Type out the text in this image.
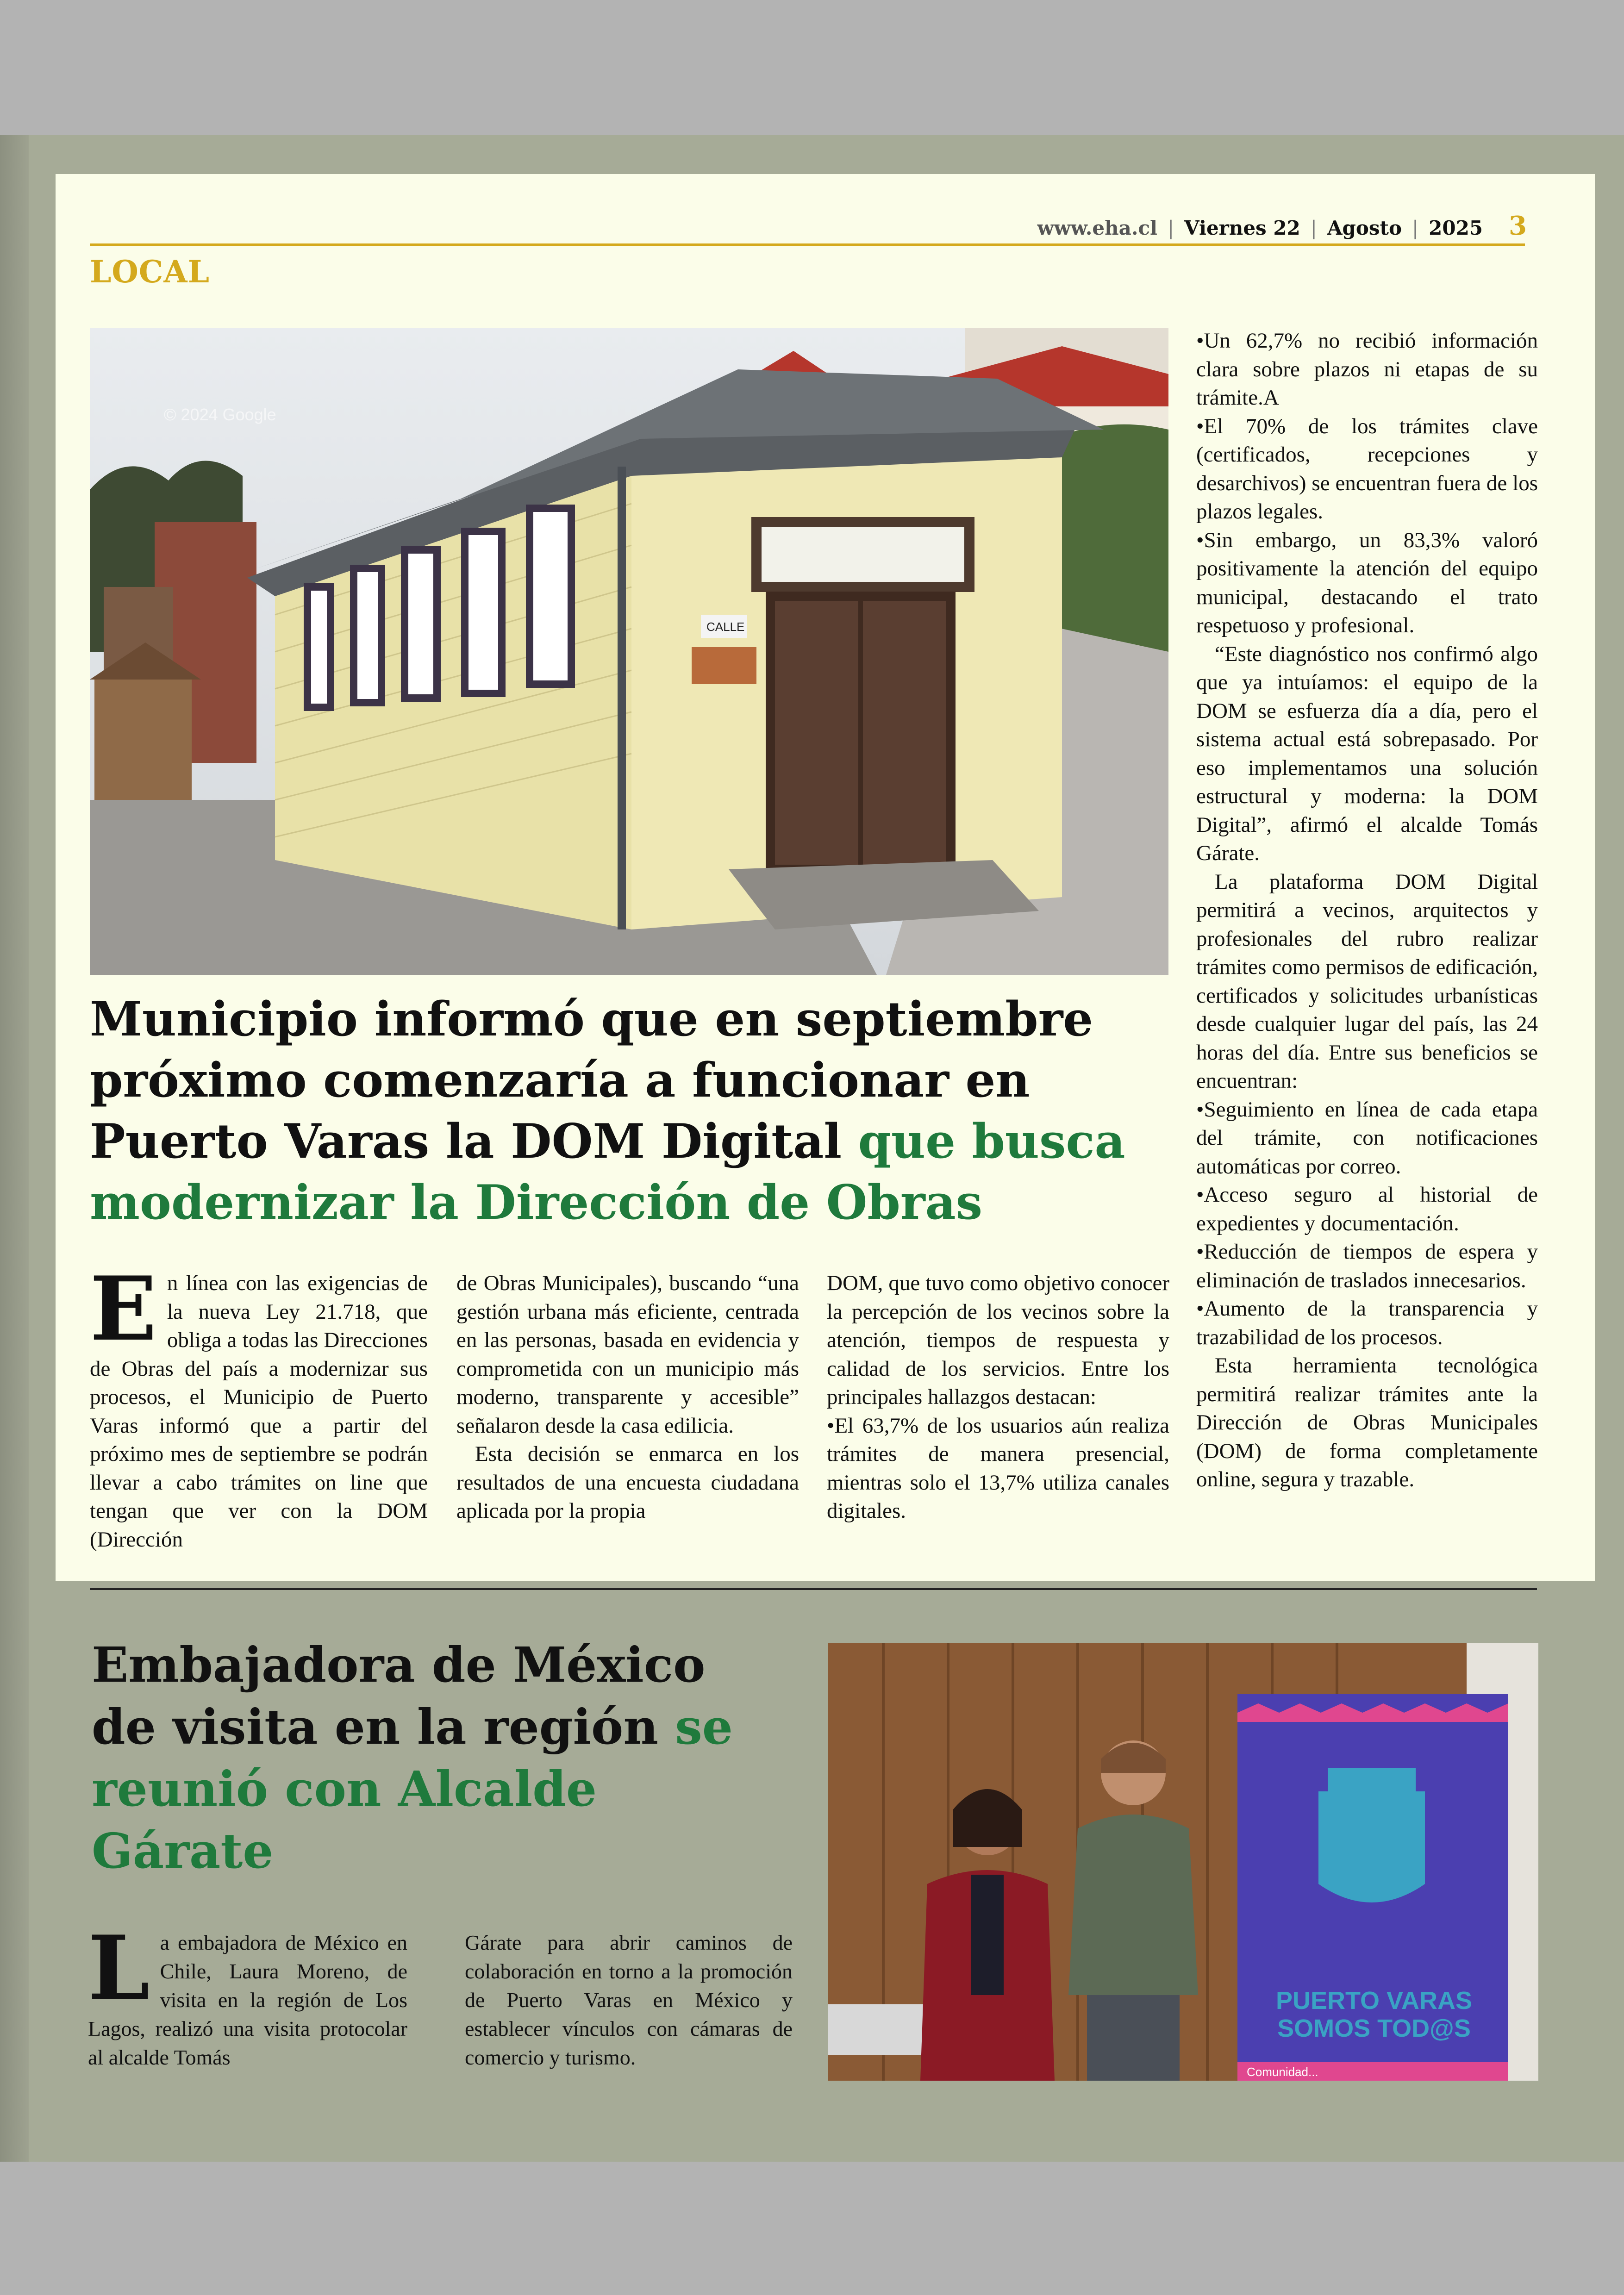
www.eha.cl | Viernes 22 | Agosto | 2025 3
LOCAL
CALLE
© 2024 Google
Municipio informó que en septiembre próximo comenzaría a funcionar en Puerto Varas la DOM Digital que busca modernizar la Dirección de Obras

En línea con las exigencias de la nueva Ley 21.718, que obliga a todas las Direcciones de Obras del país a modernizar sus procesos, el Municipio de Puerto Varas informó que a partir del próximo mes de septiembre se podrán llevar a cabo trámites on line que tengan que ver con la DOM (Dirección

de Obras Municipales), buscando “una gestión urbana más eficiente, centrada en las personas, basada en evidencia y comprometida con un municipio más moderno, transparente y accesible” señalaron desde la casa edilicia.

Esta decisión se enmarca en los resultados de una encuesta ciudadana aplicada por la propia

DOM, que tuvo como objetivo conocer la percepción de los vecinos sobre la atención, tiempos de respuesta y calidad de los servicios. Entre los principales hallazgos destacan:

•El 63,7% de los usuarios aún realiza trámites de manera presencial, mientras solo el 13,7% utiliza canales digitales.

•Un 62,7% no recibió información clara sobre plazos ni etapas de su trámite.A

•El 70% de los trámites clave (certificados, recepciones y desarchivos) se encuentran fuera de los plazos legales.

•Sin embargo, un 83,3% valoró positivamente la atención del equipo municipal, destacando el trato respetuoso y profesional.

“Este diagnóstico nos confirmó algo que ya intuíamos: el equipo de la DOM se esfuerza día a día, pero el sistema actual está sobrepasado. Por eso implementamos una solución estructural y moderna: la DOM Digital”, afirmó el alcalde Tomás Gárate.

La plataforma DOM Digital permitirá a vecinos, arquitectos y profesionales del rubro realizar trámites como permisos de edificación, certificados y solicitudes urbanísticas desde cualquier lugar del país, las 24 horas del día. Entre sus beneficios se encuentran:

•Seguimiento en línea de cada etapa del trámite, con notificaciones automáticas por correo.

•Acceso seguro al historial de expedientes y documentación.

•Reducción de tiempos de espera y eliminación de traslados innecesarios.

•Aumento de la transparencia y trazabilidad de los procesos.

Esta herramienta tecnológica permitirá realizar trámites ante la Dirección de Obras Municipales (DOM) de forma completamente online, segura y trazable.

Embajadora de México de visita en la región se reunió con Alcalde Gárate

La embajadora de México en Chile, Laura Moreno, de visita en la región de Los Lagos, realizó una visita protocolar al alcalde Tomás

Gárate para abrir caminos de colaboración en torno a la promoción de Puerto Varas en México y establecer vínculos con cámaras de comercio y turismo.

PUERTO VARAS
SOMOS TOD@S
Comunidad...
